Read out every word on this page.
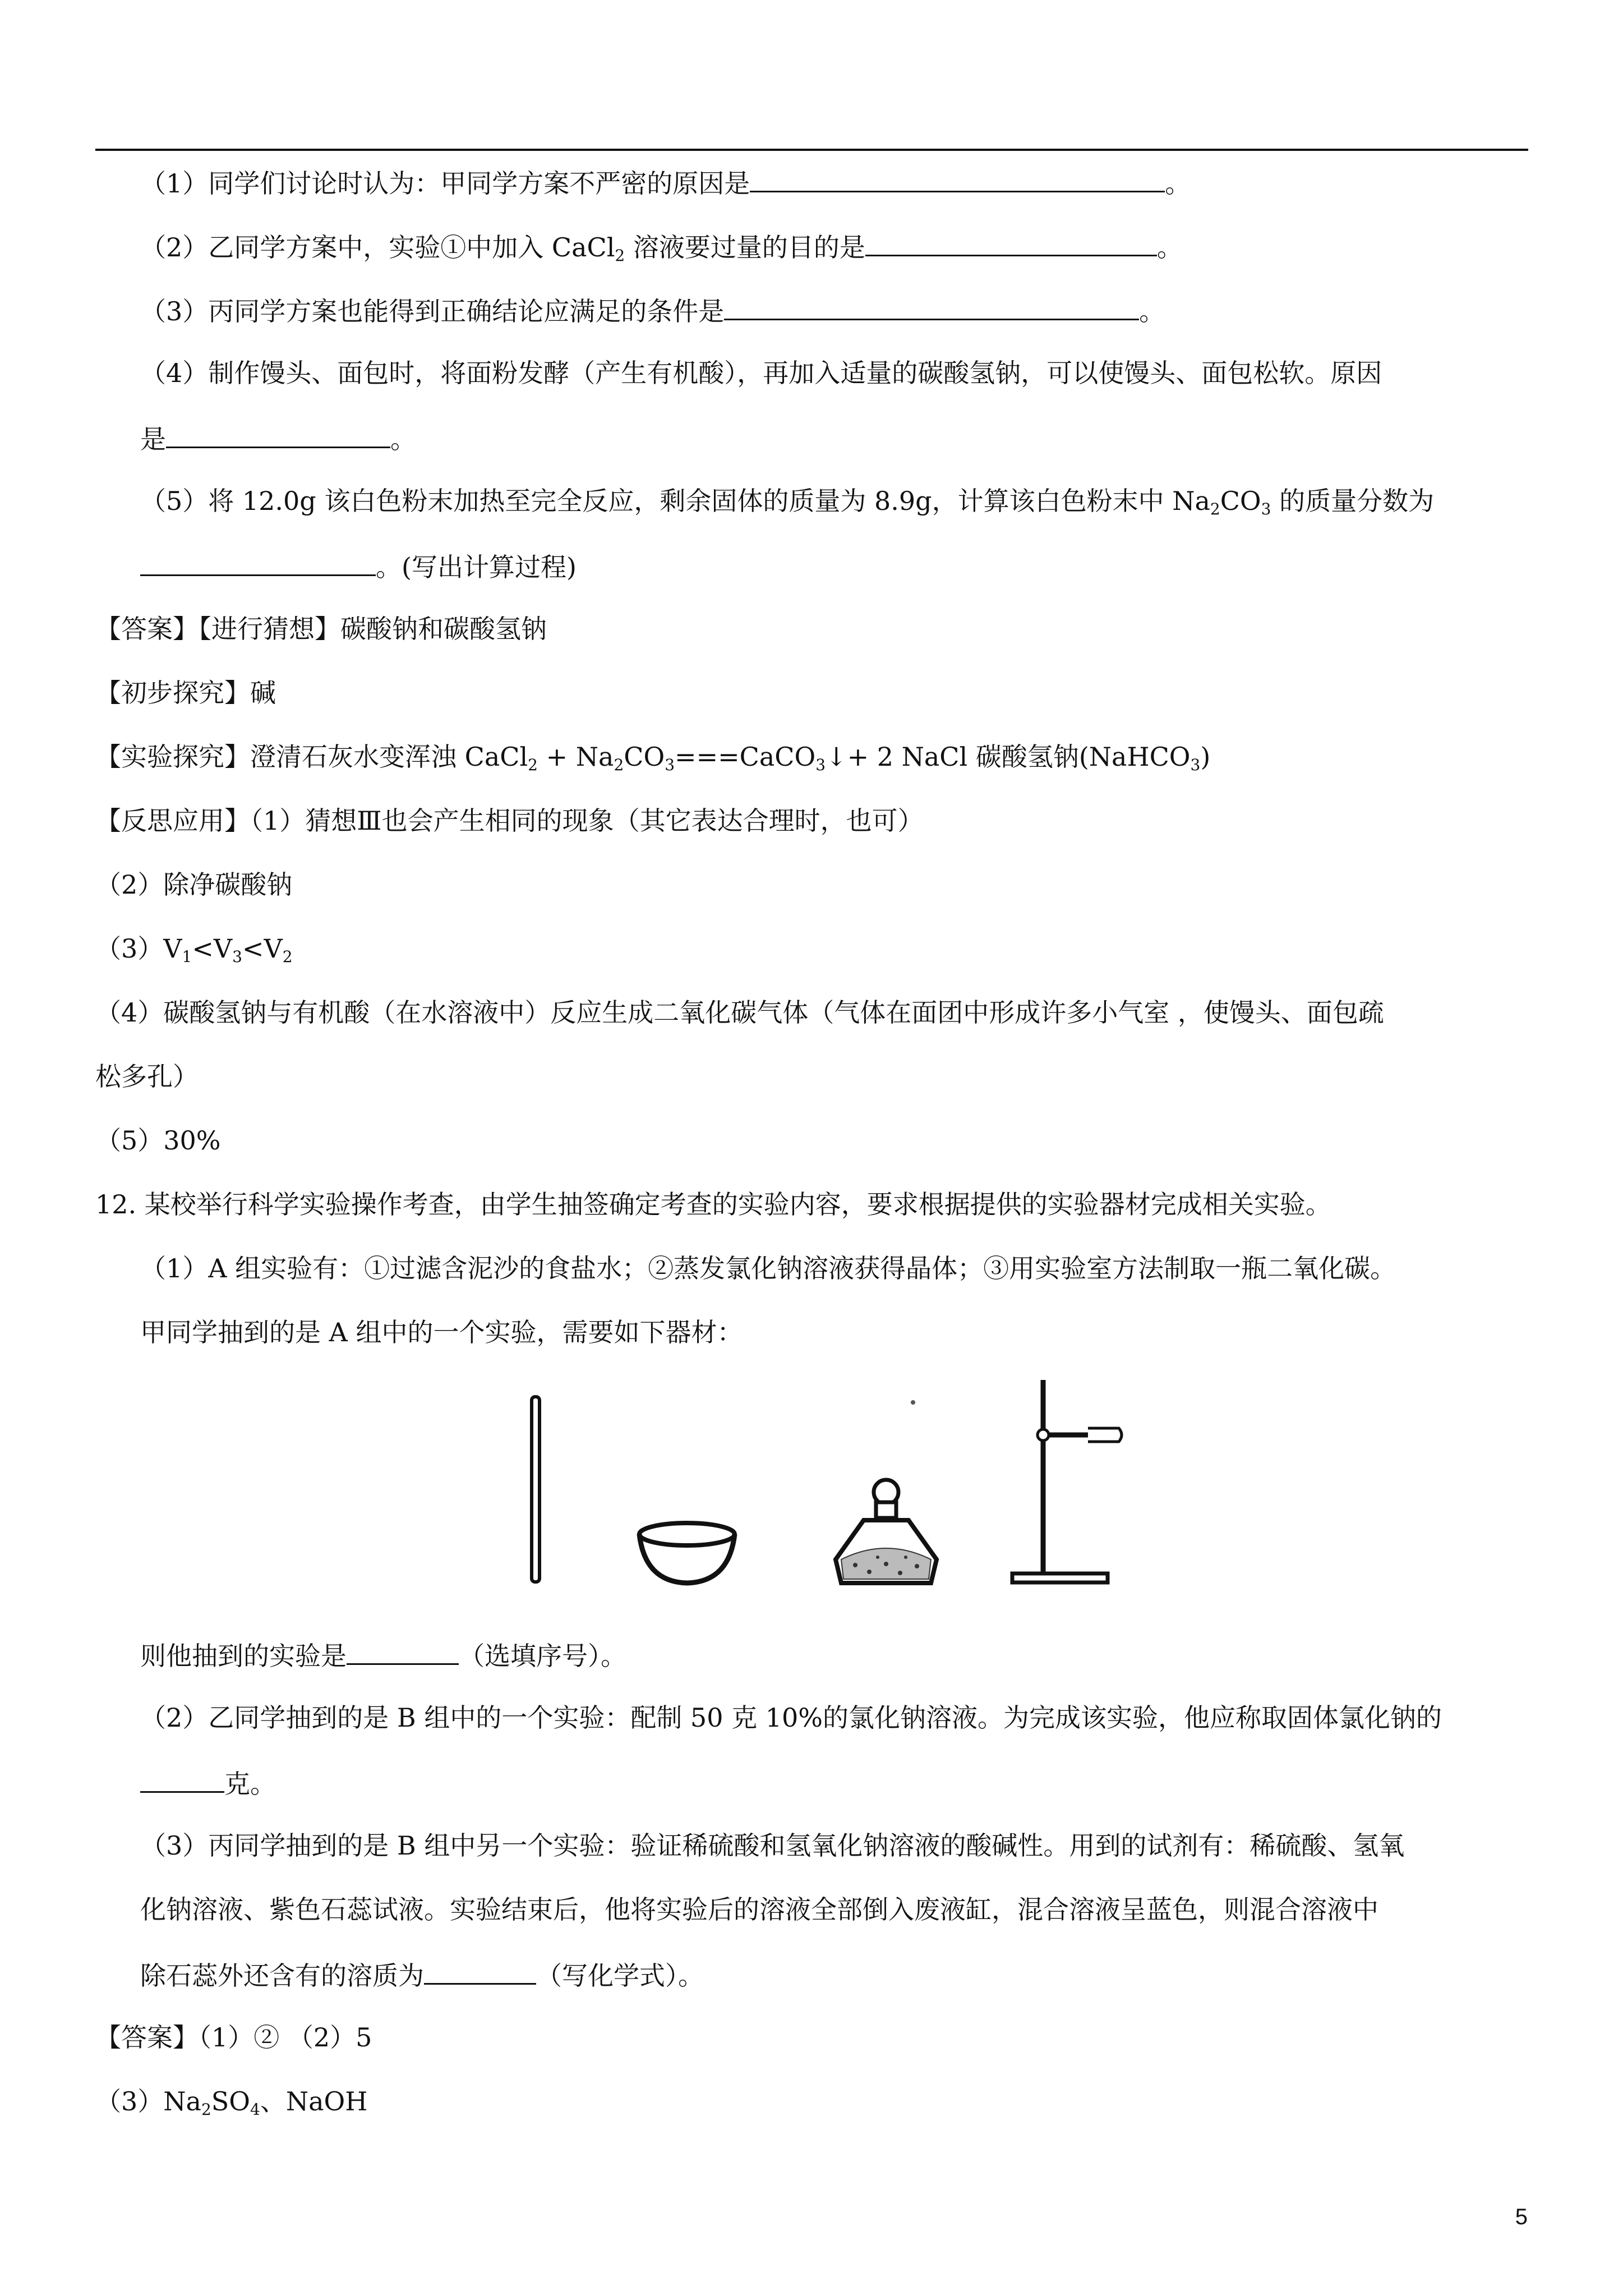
（1）同学们讨论时认为：甲同学方案不严密的原因是	。
（2）乙同学方案中，实验①中加入 CaCl$_2$ 溶液要过量的目的是	。
（3）丙同学方案也能得到正确结论应满足的条件是	。
（4）制作馒头、面包时，将面粉发酵（产生有机酸），再加入适量的碳酸氢钠，可以使馒头、面包松软。原因
是	。
（5）将 12.0g 该白色粉末加热至完全反应，剩余固体的质量为 8.9g，计算该白色粉末中 $Na_2CO_3$ 的质量分数为
。(写出计算过程)
【答案】【进行猜想】碳酸钠和碳酸氢钠
【初步探究】碱
【实验探究】澄清石灰水变浑浊 CaCl$_2$ + $Na_2CO_3===CaCO_3↓+ 2$ NaCl 碳酸氢钠(NaHCO$_3$)
【反思应用】（1）猜想Ⅲ也会产生相同的现象（其它表达合理时，也可）
（2）除净碳酸钠
$(3)V_1<V_3<V_2$
（4）碳酸氢钠与有机酸（在水溶液中）反应生成二氧化碳气体（气体在面团中形成许多小气室 ，使馒头、面包疏
松多孔）
（5）30%
12. 某校举行科学实验操作考查，由学生抽签确定考查的实验内容，要求根据提供的实验器材完成相关实验。
（1）A 组实验有：①过滤含泥沙的食盐水；②蒸发氯化钠溶液获得晶体；③用实验室方法制取一瓶二氧化碳。
甲同学抽到的是 A 组中的一个实验，需要如下器材：
则他抽到的实验是	（选填序号）。
（2）乙同学抽到的是 B 组中的一个实验：配制 50 克 10%的氯化钠溶液。为完成该实验，他应称取固体氯化钠的
克。
（3）丙同学抽到的是 B 组中另一个实验：验证稀硫酸和氢氧化钠溶液的酸碱性。用到的试剂有：稀硫酸、氢氧
化钠溶液、紫色石蕊试液。实验结束后，他将实验后的溶液全部倒入废液缸，混合溶液呈蓝色，则混合溶液中
除石蕊外还含有的溶质为	（写化学式）。
【答案】（1）② （2）5
$(3)Na_2SO_4$、NaOH
5
